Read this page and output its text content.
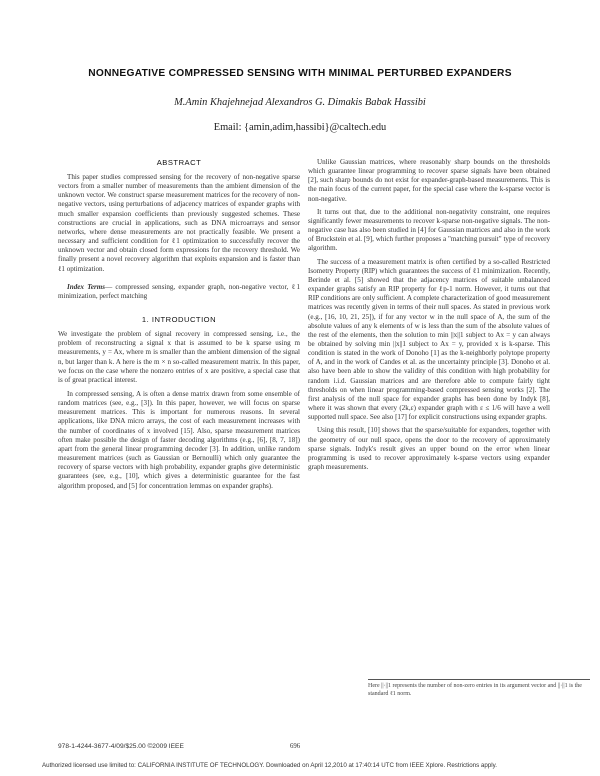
NONNEGATIVE COMPRESSED SENSING WITH MINIMAL PERTURBED EXPANDERS
M.Amin Khajehnejad Alexandros G. Dimakis Babak Hassibi
Email: {amin,adim,hassibi}@caltech.edu
ABSTRACT

This paper studies compressed sensing for the recovery of non-negative sparse vectors from a smaller number of measurements than the ambient dimension of the unknown vector. We construct sparse measurement matrices for the recovery of non-negative vectors, using perturbations of adjacency matrices of expander graphs with much smaller expansion coefficients than previously suggested schemes. These constructions are crucial in applications, such as DNA microarrays and sensor networks, where dense measurements are not practically feasible. We present a necessary and sufficient condition for ℓ1 optimization to successfully recover the unknown vector and obtain closed form expressions for the recovery threshold. We finally present a novel recovery algorithm that exploits expansion and is faster than ℓ1 optimization.

Index Terms— compressed sensing, expander graph, non-negative vector, ℓ1 minimization, perfect matching

1. INTRODUCTION

We investigate the problem of signal recovery in compressed sensing, i.e., the problem of reconstructing a signal x that is assumed to be k sparse using m measurements, y = Ax, where m is smaller than the ambient dimension of the signal n, but larger than k. A here is the m × n so-called measurement matrix. In this paper, we focus on the case where the nonzero entries of x are positive, a special case that is of great practical interest.

In compressed sensing, A is often a dense matrix drawn from some ensemble of random matrices (see, e.g., [3]). In this paper, however, we will focus on sparse measurement matrices. This is important for numerous reasons. In several applications, like DNA micro arrays, the cost of each measurement increases with the number of coordinates of x involved [15]. Also, sparse measurement matrices often make possible the design of faster decoding algorithms (e.g., [6], [8, 7, 18]) apart from the general linear programming decoder [3]. In addition, unlike random measurement matrices (such as Gaussian or Bernoulli) which only guarantee the recovery of sparse vectors with high probability, expander graphs give deterministic guarantees (see, e.g., [10], which gives a deterministic guarantee for the fast algorithm proposed, and [5] for concentration lemmas on expander graphs).

Unlike Gaussian matrices, where reasonably sharp bounds on the thresholds which guarantee linear programming to recover sparse signals have been obtained [2], such sharp bounds do not exist for expander-graph-based measurements. This is the main focus of the current paper, for the special case where the k-sparse vector is non-negative.

It turns out that, due to the additional non-negativity constraint, one requires significantly fewer measurements to recover k-sparse non-negative signals. The non-negative case has also been studied in [4] for Gaussian matrices and also in the work of Bruckstein et al. [9], which further proposes a "matching pursuit" type of recovery algorithm.

The success of a measurement matrix is often certified by a so-called Restricted Isometry Property (RIP) which guarantees the success of ℓ1 minimization. Recently, Berinde et al. [5] showed that the adjacency matrices of suitable unbalanced expander graphs satisfy an RIP property for ℓp-1 norm. However, it turns out that RIP conditions are only sufficient. A complete characterization of good measurement matrices was recently given in terms of their null spaces. As stated in previous work (e.g., [16, 10, 21, 25]), if for any vector w in the null space of A, the sum of the absolute values of any k elements of w is less than the sum of the absolute values of the rest of the elements, then the solution to min ||x||1 subject to Ax = y can always be obtained by solving min ||x||1 subject to Ax = y, provided x is k-sparse. This condition is stated in the work of Donoho [1] as the k-neighborly polytope property of A, and in the work of Candes et al. as the uncertainty principle [3]. Donoho et al. also have been able to show the validity of this condition with high probability for random i.i.d. Gaussian matrices and are therefore able to compute fairly tight thresholds on when linear programming-based compressed sensing works [2]. The first analysis of the null space for expander graphs has been done by Indyk [8], where it was shown that every (2k,ε) expander graph with ε ≤ 1/6 will have a well supported null space. See also [17] for explicit constructions using expander graphs.

Using this result, [10] shows that the sparse/suitable for expanders, together with the geometry of our null space, opens the door to the recovery of approximately sparse signals. Indyk's result gives an upper bound on the error when linear programming is used to recover approximately k-sparse vectors using expander graph measurements.

Here ||·||1 represents the number of non-zero entries in its argument vector and ||·||1 is the standard ℓ1 norm.
978-1-4244-3677-4/09/$25.00 ©2009 IEEE	696
Authorized licensed use limited to: CALIFORNIA INSTITUTE OF TECHNOLOGY. Downloaded on April 12,2010 at 17:40:14 UTC from IEEE Xplore. Restrictions apply.
